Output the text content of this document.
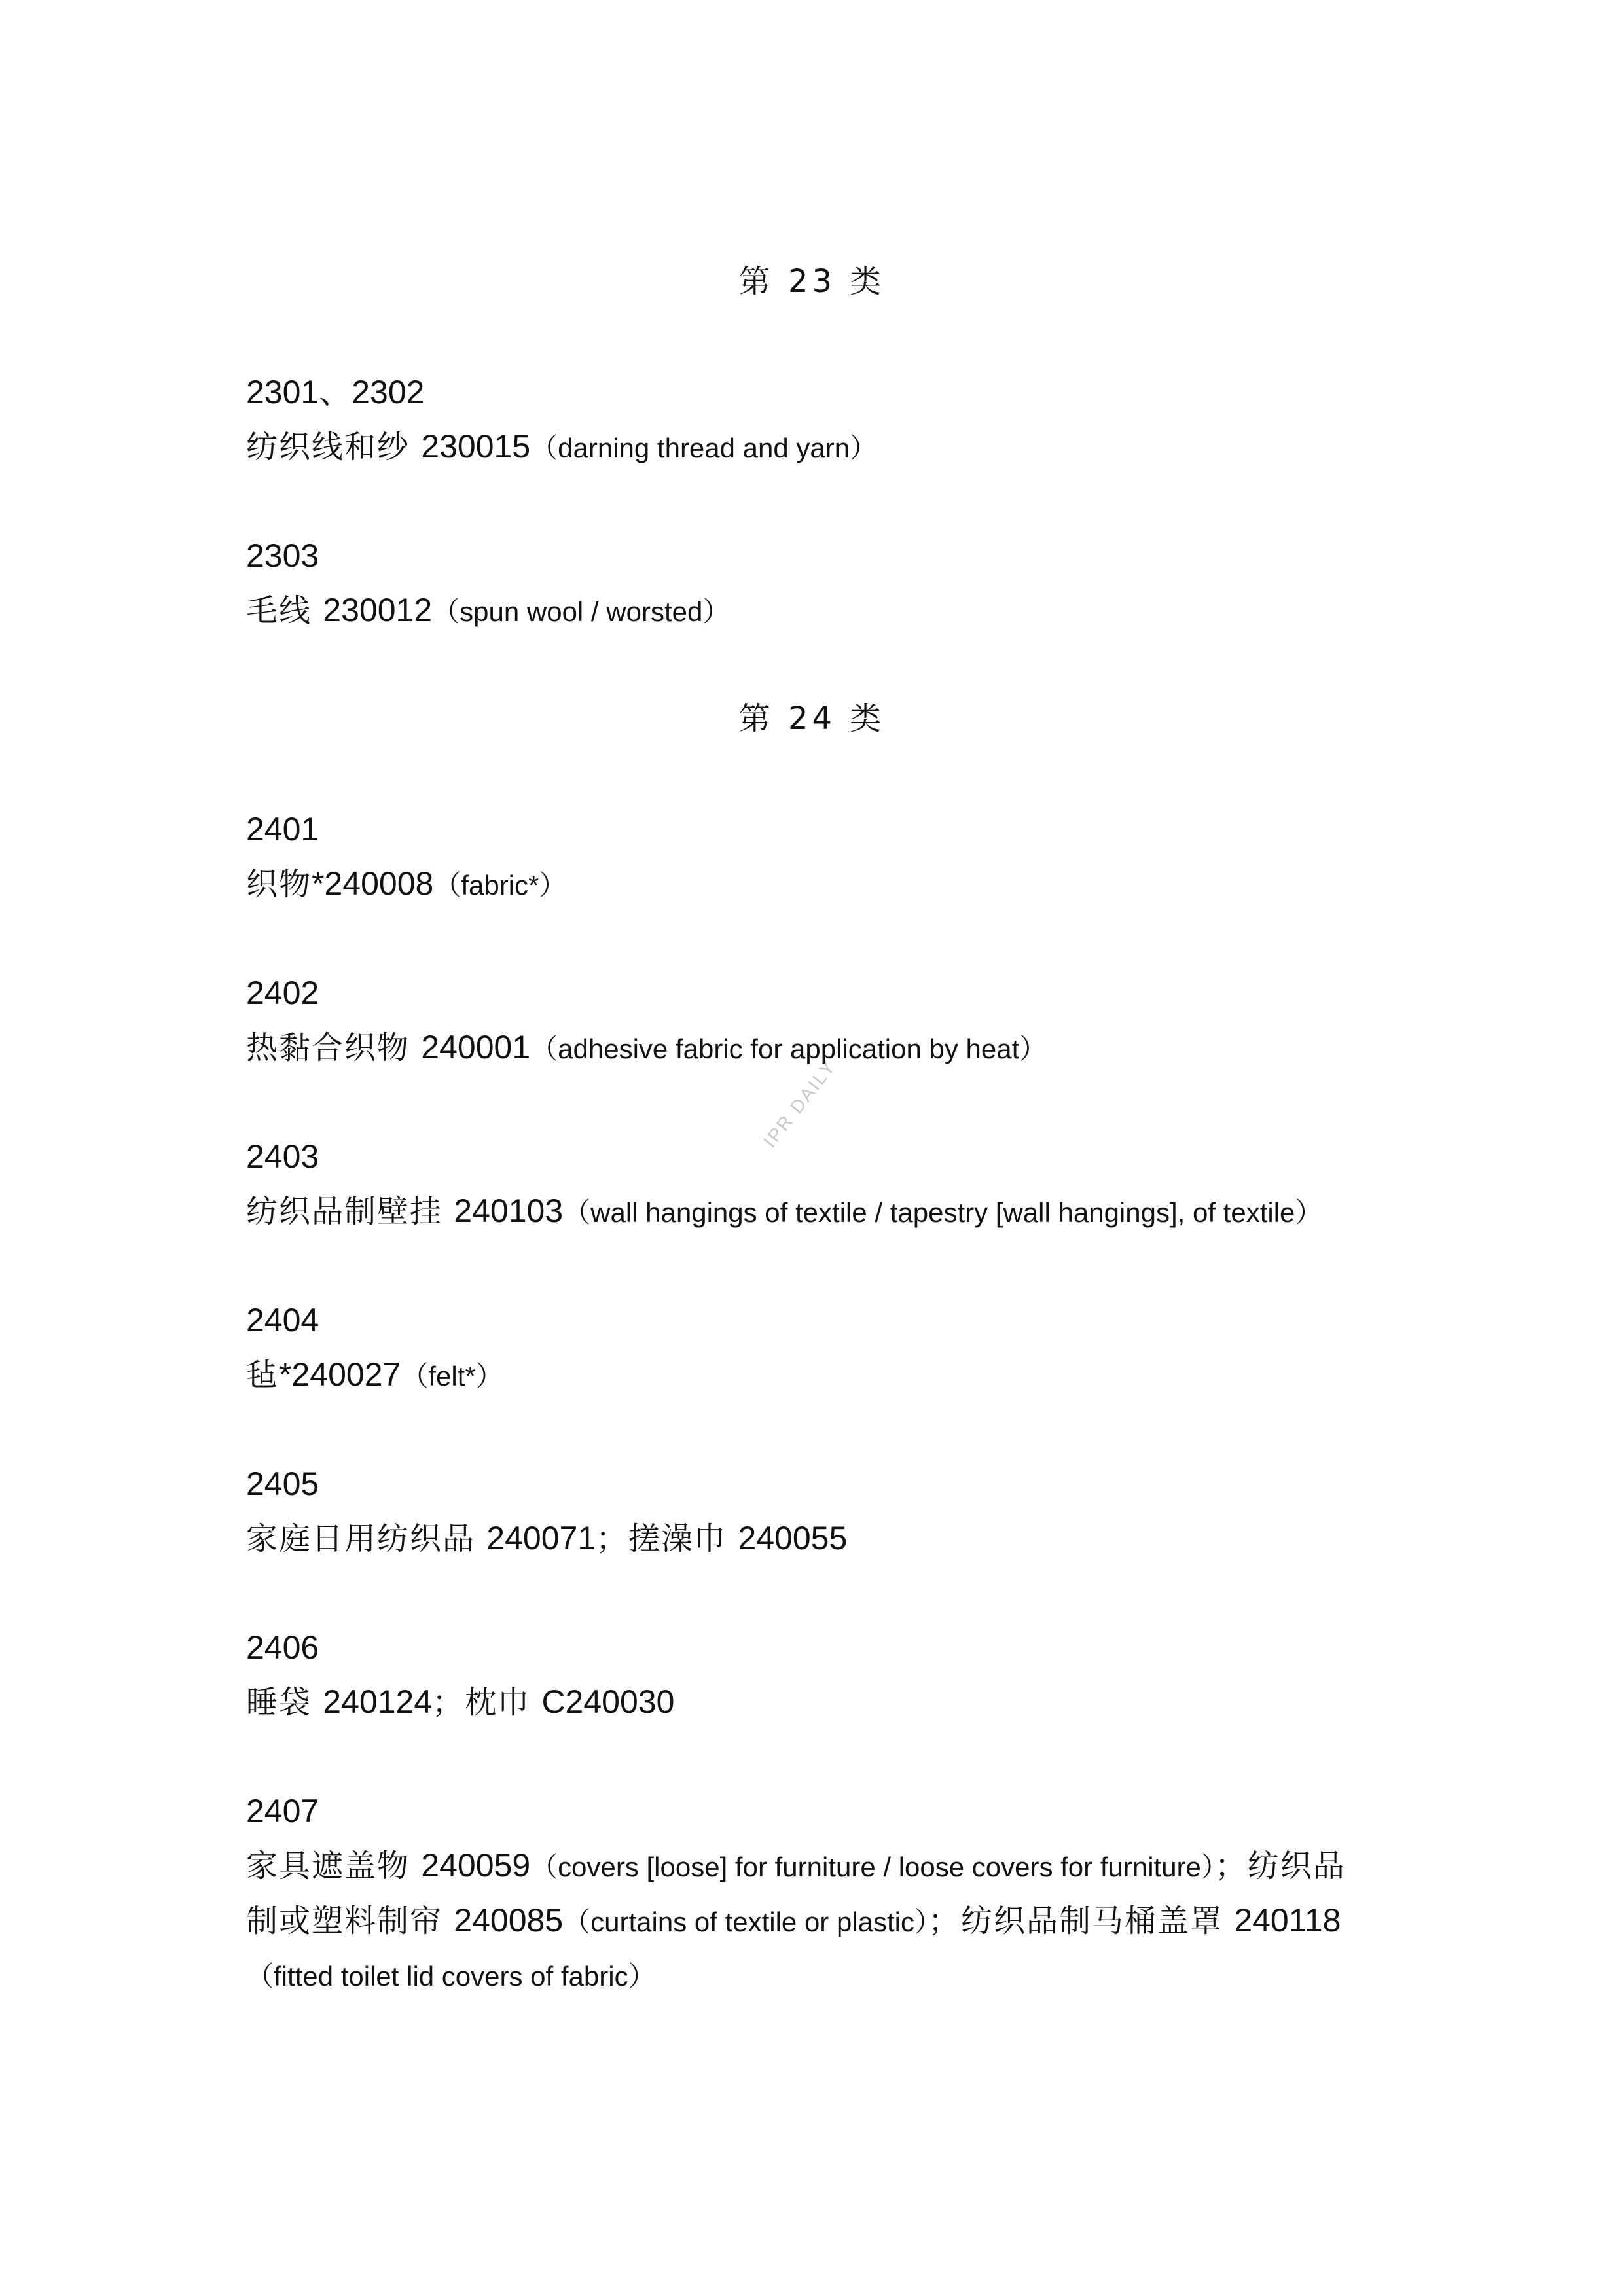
IPR DAILY
第 23 类
2301、2302
纺织线和纱 230015（darning thread and yarn）
2303
毛线 230012（spun wool / worsted）
第 24 类
2401
织物*240008（fabric*）
2402
热黏合织物 240001（adhesive fabric for application by heat）
2403
纺织品制壁挂 240103（wall hangings of textile / tapestry [wall hangings], of textile）
2404
毡*240027（felt*）
2405
家庭日用纺织品 240071；搓澡巾 240055
2406
睡袋 240124；枕巾 C240030
2407
家具遮盖物 240059（covers [loose] for furniture / loose covers for furniture）；纺织品
制或塑料制帘 240085（curtains of textile or plastic）；纺织品制马桶盖罩 240118
（fitted toilet lid covers of fabric）
